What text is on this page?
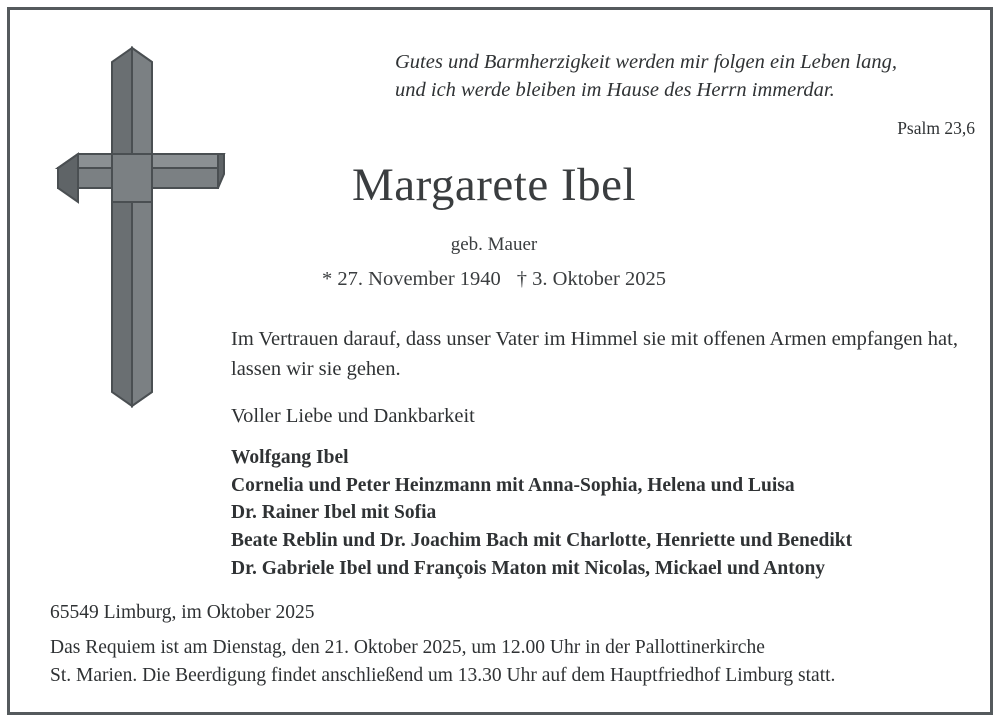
Gutes und Barmherzigkeit werden mir folgen ein Leben lang,
und ich werde bleiben im Hause des Herrn immerdar.
Psalm 23,6
Margarete Ibel
geb. Mauer
* 27. November 1940 † 3. Oktober 2025
Im Vertrauen darauf, dass unser Vater im Himmel sie mit offenen Armen empfangen hat, lassen wir sie gehen.
Voller Liebe und Dankbarkeit
Wolfgang Ibel
Cornelia und Peter Heinzmann mit Anna-Sophia, Helena und Luisa
Dr. Rainer Ibel mit Sofia
Beate Reblin und Dr. Joachim Bach mit Charlotte, Henriette und Benedikt
Dr. Gabriele Ibel und François Maton mit Nicolas, Mickael und Antony
65549 Limburg, im Oktober 2025
Das Requiem ist am Dienstag, den 21. Oktober 2025, um 12.00 Uhr in der Pallottinerkirche
St. Marien. Die Beerdigung findet anschließend um 13.30 Uhr auf dem Hauptfriedhof Limburg statt.
